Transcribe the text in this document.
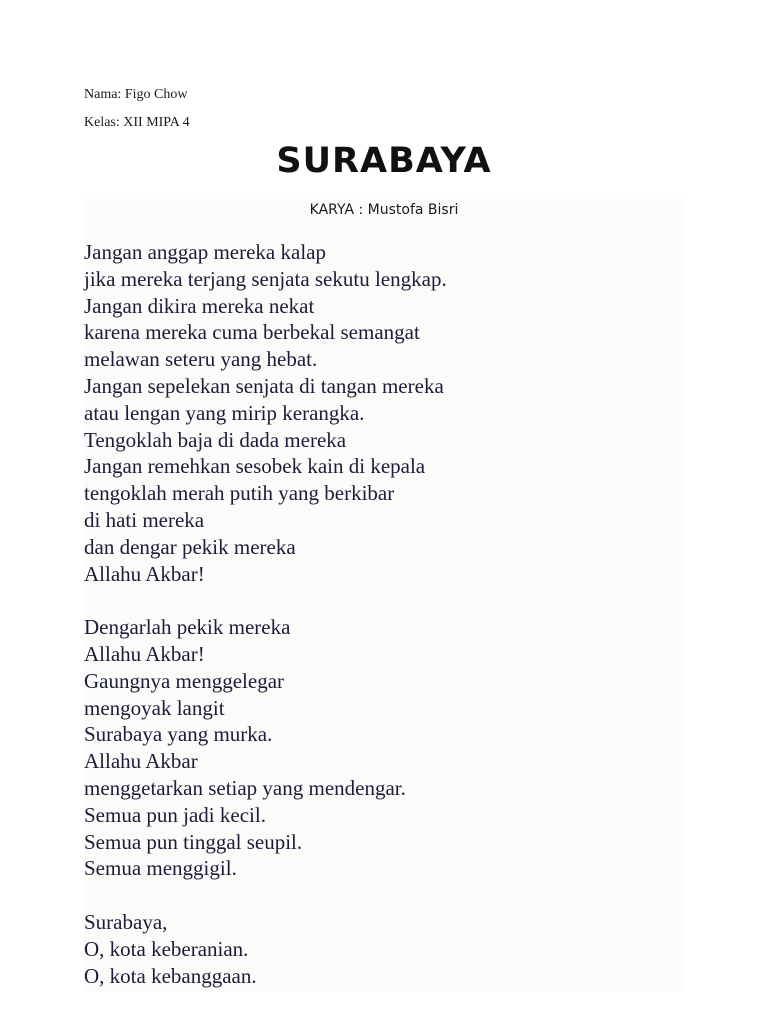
Nama: Figo Chow
Kelas: XII MIPA 4
SURABAYA
KARYA : Mustofa Bisri
Jangan anggap mereka kalap
jika mereka terjang senjata sekutu lengkap.
Jangan dikira mereka nekat
karena mereka cuma berbekal semangat
melawan seteru yang hebat.
Jangan sepelekan senjata di tangan mereka
atau lengan yang mirip kerangka.
Tengoklah baja di dada mereka
Jangan remehkan sesobek kain di kepala
tengoklah merah putih yang berkibar
di hati mereka
dan dengar pekik mereka
Allahu Akbar!
Dengarlah pekik mereka
Allahu Akbar!
Gaungnya menggelegar
mengoyak langit
Surabaya yang murka.
Allahu Akbar
menggetarkan setiap yang mendengar.
Semua pun jadi kecil.
Semua pun tinggal seupil.
Semua menggigil.
Surabaya,
O, kota keberanian.
O, kota kebanggaan.
